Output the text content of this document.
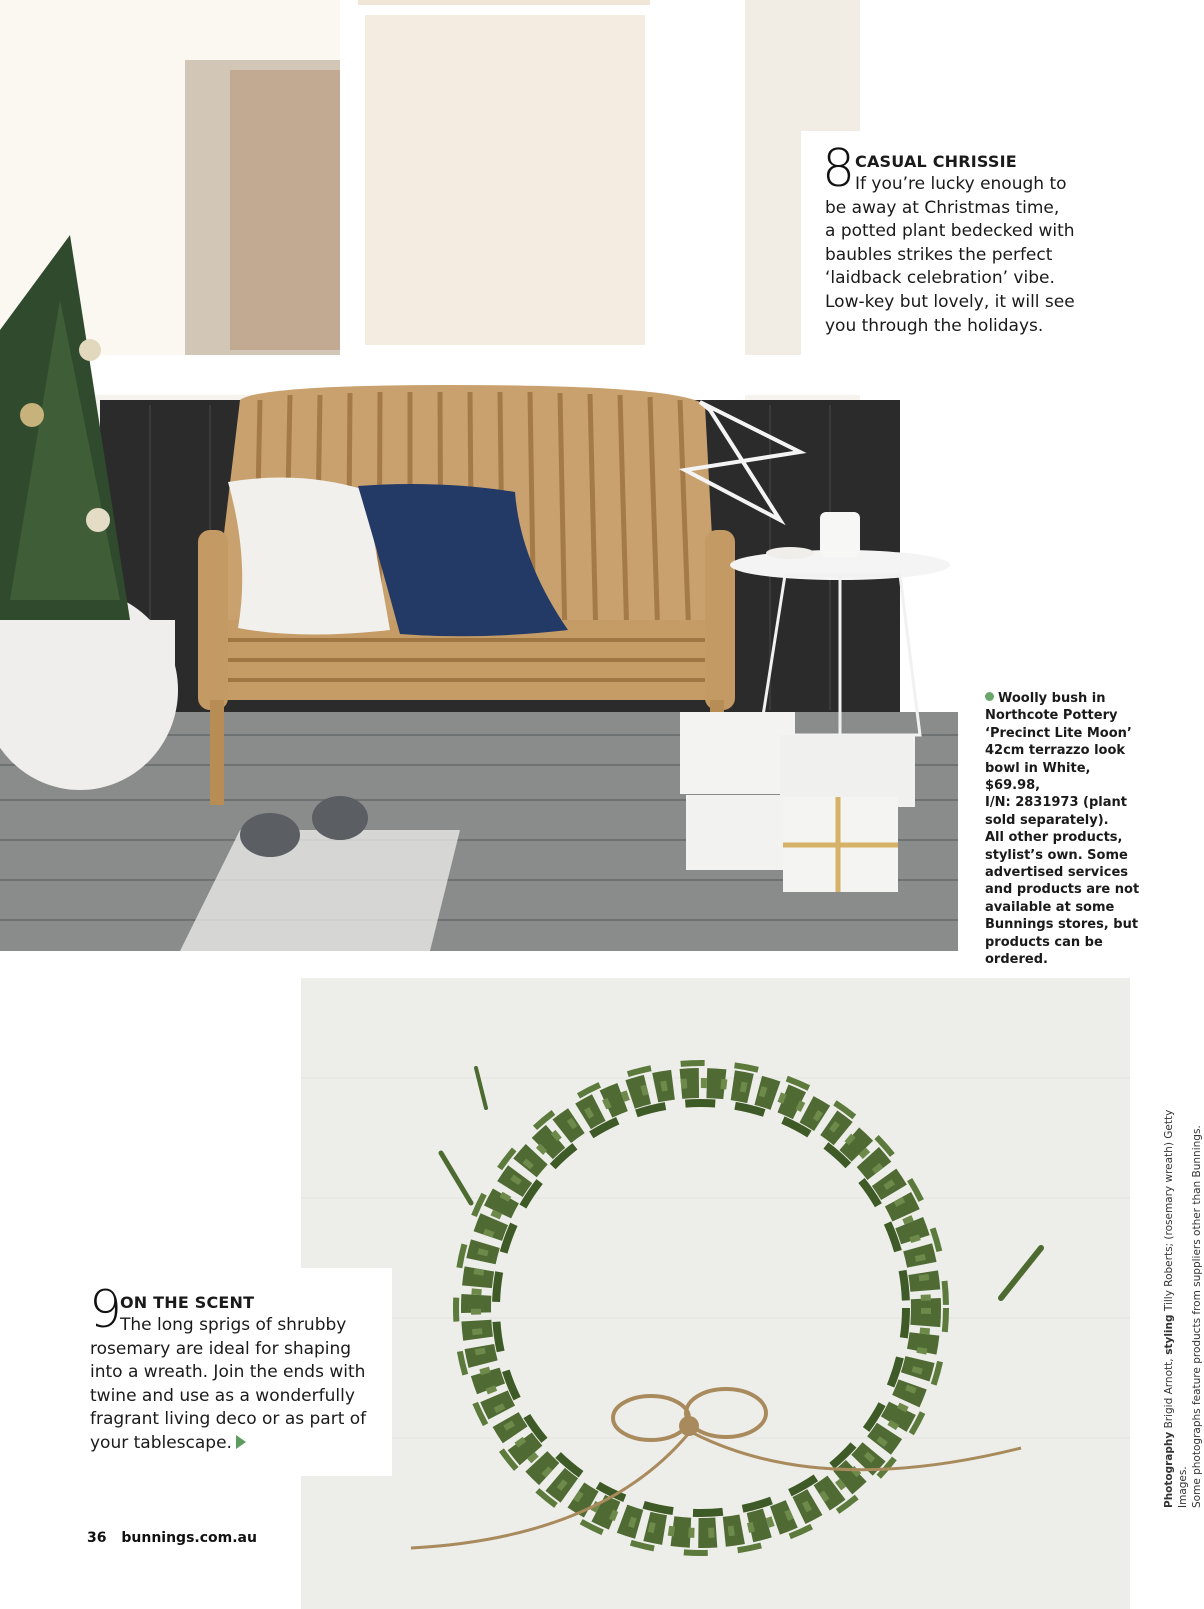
8 CASUAL CHRISSIE
If you’re lucky enough to
be away at Christmas time, a potted plant bedecked with baubles strikes the perfect ‘laidback celebration’ vibe. Low-key but lovely, it will see you through the holidays.
Woolly bush in
Northcote Pottery
‘Precinct Lite Moon’
42cm terrazzo look
bowl in White, $69.98,
I/N: 2831973 (plant
sold separately).
All other products, stylist’s own. Some advertised services and products are not available at some Bunnings stores, but products can be ordered.
9
ON THE SCENT
The long sprigs of shrubby
rosemary are ideal for shaping into a wreath. Join the ends with twine and use as a wonderfully fragrant living deco or as part of your tablescape.
36 bunnings.com.au
Photography Brigid Arnott, styling Tilly Roberts; (rosemary wreath) Getty Images. Some photographs feature products from suppliers other than Bunnings.
